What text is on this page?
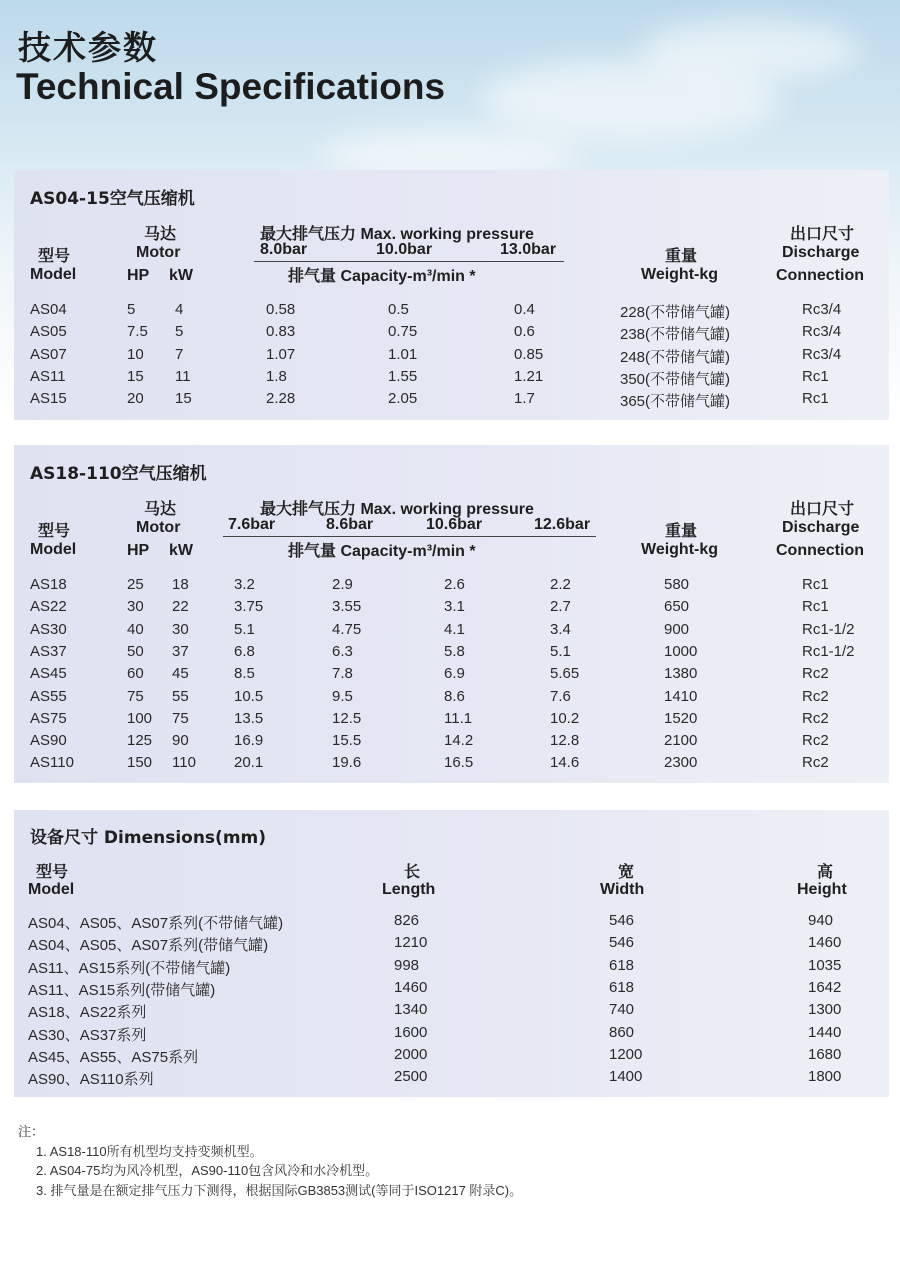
技术参数
Technical Specifications
AS04-15空气压缩机
型号
Model
马达
Motor
HP kW
最大排气压力 Max. working pressure
8.0bar	10.0bar	13.0bar
排气量 Capacity-m³/min *
重量
Weight-kg
出口尺寸
Discharge
Connection
AS04	5	4	0.58	0.5	0.4	228(不带储气罐)	Rc3/4
AS05	7.5 5	0.83	0.75	0.6	238(不带储气罐)	Rc3/4
AS07	10 7	1.07	1.01	0.85	248(不带储气罐)	Rc3/4
AS11	15 11	1.8	1.55	1.21	350(不带储气罐)	Rc1
AS15	20 15	2.28	2.05	1.7	365(不带储气罐)	Rc1
AS18-110空气压缩机
型号
Model
马达
Motor
HP kW
最大排气压力 Max. working pressure
7.6bar	8.6bar	10.6bar	12.6bar
排气量 Capacity-m³/min *
重量
Weight-kg
出口尺寸
Discharge
Connection
AS18	25 18	3.2	2.9	2.6	2.2	580	Rc1
AS22	30 22	3.75	3.55	3.1	2.7	650	Rc1
AS30	40 30	5.1	4.75	4.1	3.4	900	Rc1-1/2
AS37	50 37	6.8	6.3	5.8	5.1	1000	Rc1-1/2
AS45	60 45	8.5	7.8	6.9	5.65	1380	Rc2
AS55	75 55	10.5	9.5	8.6	7.6	1410	Rc2
AS75	100 75	13.5	12.5	11.1	10.2	1520	Rc2
AS90	125 90	16.9	15.5	14.2	12.8	2100	Rc2
AS110	150 110	20.1	19.6	16.5	14.6	2300	Rc2
设备尺寸 Dimensions(mm)
型号
Model
长
Length
宽
Width
高
Height
AS04、AS05、AS07系列(不带储气罐)	826	546	940
AS04、AS05、AS07系列(带储气罐)	1210	546	1460
AS11、AS15系列(不带储气罐)	998	618	1035
AS11、AS15系列(带储气罐)	1460	618	1642
AS18、AS22系列	1340	740	1300
AS30、AS37系列	1600	860	1440
AS45、AS55、AS75系列	2000	1200	1680
AS90、AS110系列	2500	1400	1800
注：
1. AS18-110所有机型均支持变频机型。
2. AS04-75均为风冷机型，AS90-110包含风冷和水冷机型。
3. 排气量是在额定排气压力下测得，根据国际GB3853测试(等同于ISO1217 附录C)。
